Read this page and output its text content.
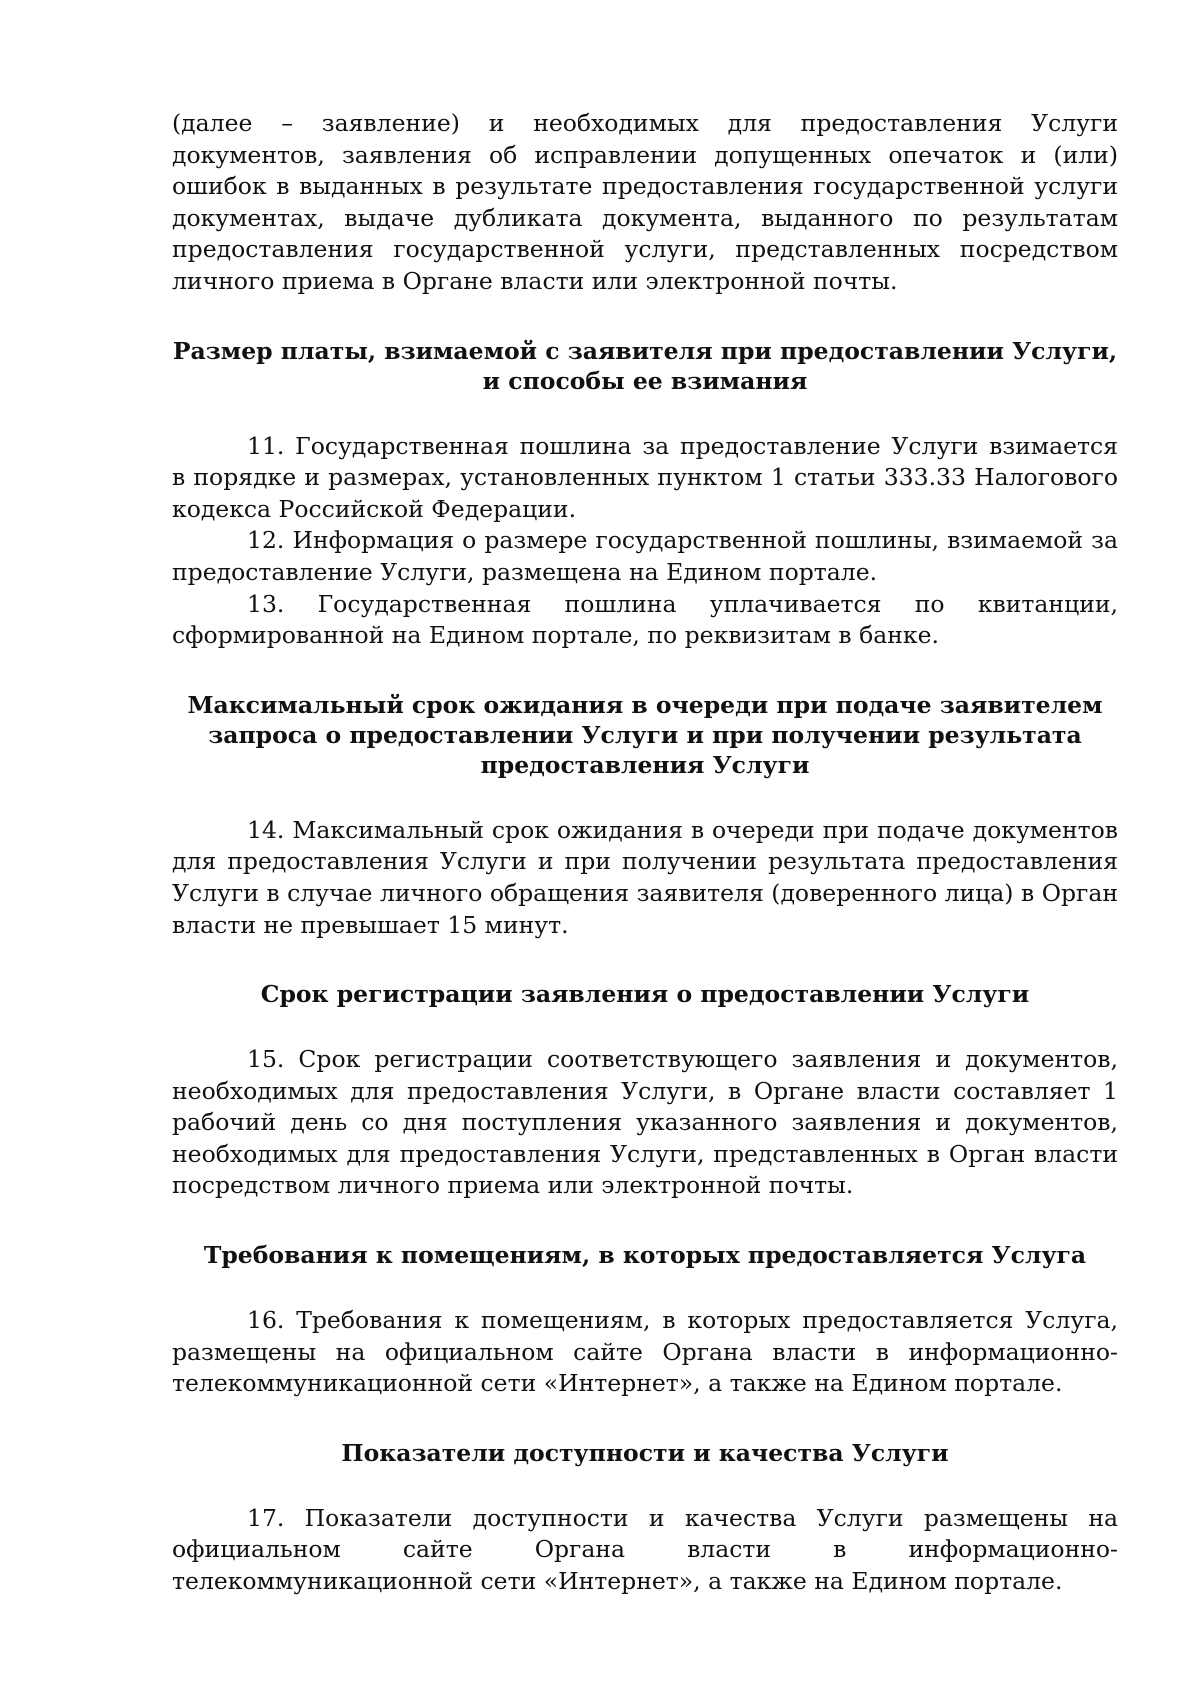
(далее – заявление) и необходимых для предоставления Услуги документов, заявления об исправлении допущенных опечаток и (или) ошибок в выданных в результате предоставления государственной услуги документах, выдаче дубликата документа, выданного по результатам предоставления государственной услуги, представленных посредством личного приема в Органе власти или электронной почты.

Размер платы, взимаемой с заявителя при предоставлении Услуги, и способы ее взимания

11. Государственная пошлина за предоставление Услуги взимается в порядке и размерах, установленных пунктом 1 статьи 333.33 Налогового кодекса Российской Федерации.

12. Информация о размере государственной пошлины, взимаемой за предоставление Услуги, размещена на Едином портале.

13. Государственная пошлина уплачивается по квитанции, сформированной на Едином портале, по реквизитам в банке.

Максимальный срок ожидания в очереди при подаче заявителем запроса о предоставлении Услуги и при получении результата предоставления Услуги

14. Максимальный срок ожидания в очереди при подаче документов для предоставления Услуги и при получении результата предоставления Услуги в случае личного обращения заявителя (доверенного лица) в Орган власти не превышает 15 минут.

Срок регистрации заявления о предоставлении Услуги

15. Срок регистрации соответствующего заявления и документов, необходимых для предоставления Услуги, в Органе власти составляет 1 рабочий день со дня поступления указанного заявления и документов, необходимых для предоставления Услуги, представленных в Орган власти посредством личного приема или электронной почты.

Требования к помещениям, в которых предоставляется Услуга

16. Требования к помещениям, в которых предоставляется Услуга, размещены на официальном сайте Органа власти в информационно-телекоммуникационной сети «Интернет», а также на Едином портале.

Показатели доступности и качества Услуги

17. Показатели доступности и качества Услуги размещены на официальном сайте Органа власти в информационно-телекоммуникационной сети «Интернет», а также на Едином портале.
